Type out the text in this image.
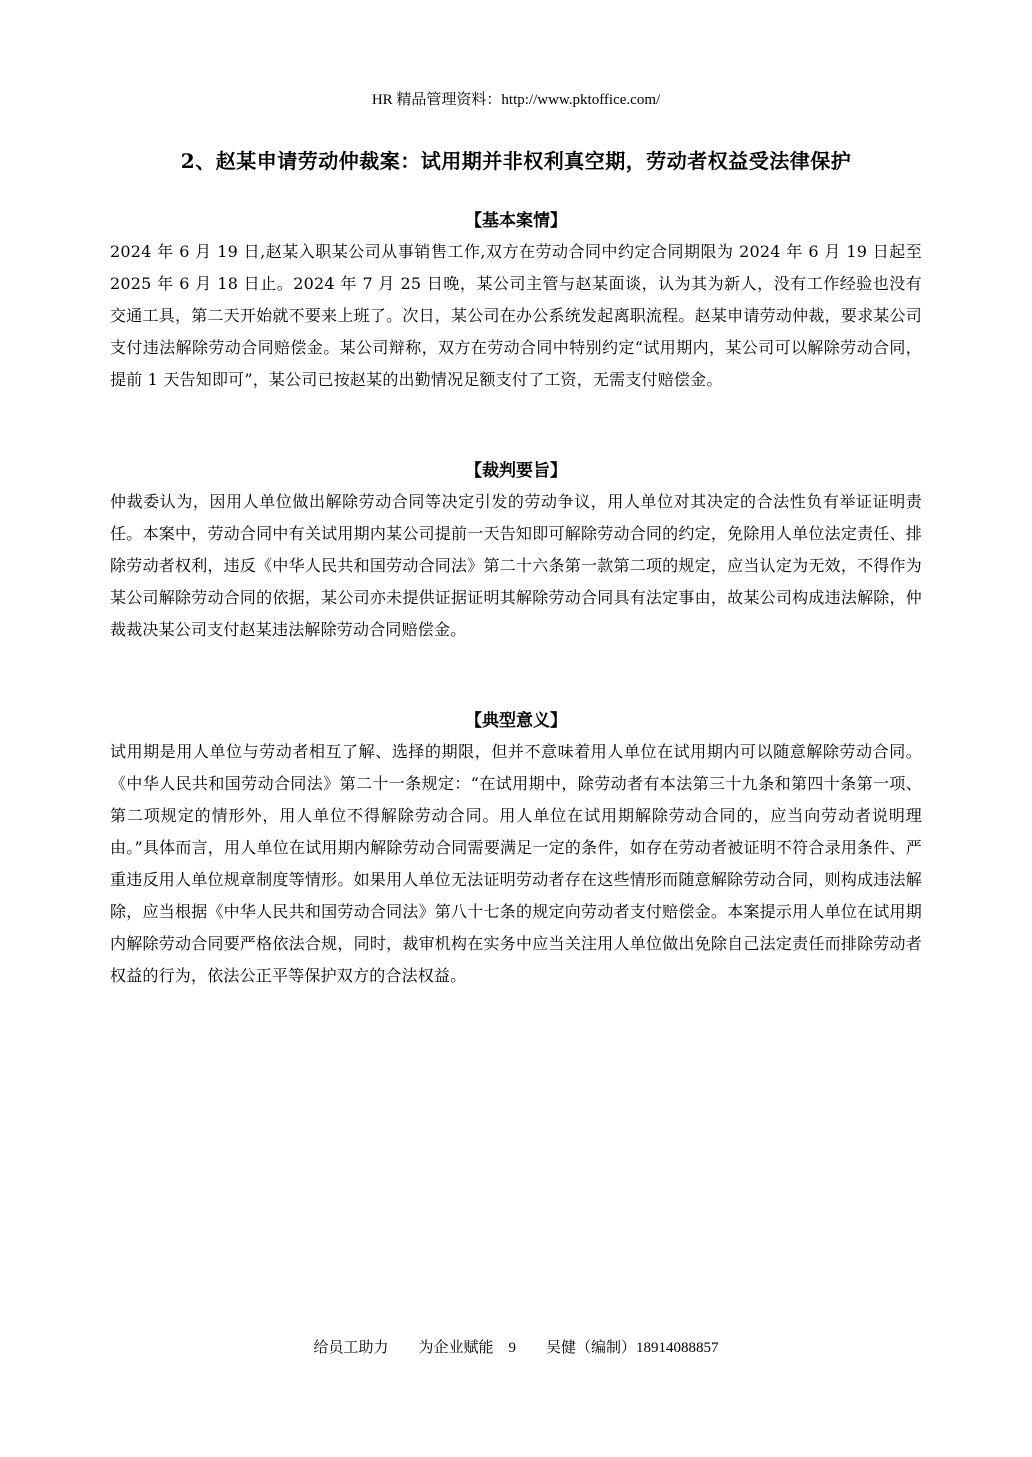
HR 精品管理资料：http://www.pktoffice.com/
2、赵某申请劳动仲裁案：试用期并非权利真空期，劳动者权益受法律保护
【基本案情】

2024 年 6 月 19 日,赵某入职某公司从事销售工作,双方在劳动合同中约定合同期限为 2024 年 6 月 19 日起至 2025 年 6 月 18 日止。2024 年 7 月 25 日晚，某公司主管与赵某面谈，认为其为新人，没有工作经验也没有交通工具，第二天开始就不要来上班了。次日，某公司在办公系统发起离职流程。赵某申请劳动仲裁，要求某公司支付违法解除劳动合同赔偿金。某公司辩称，双方在劳动合同中特别约定“试用期内，某公司可以解除劳动合同，提前 1 天告知即可”，某公司已按赵某的出勤情况足额支付了工资，无需支付赔偿金。

【裁判要旨】

仲裁委认为，因用人单位做出解除劳动合同等决定引发的劳动争议，用人单位对其决定的合法性负有举证证明责任。本案中，劳动合同中有关试用期内某公司提前一天告知即可解除劳动合同的约定，免除用人单位法定责任、排除劳动者权利，违反《中华人民共和国劳动合同法》第二十六条第一款第二项的规定，应当认定为无效，不得作为某公司解除劳动合同的依据，某公司亦未提供证据证明其解除劳动合同具有法定事由，故某公司构成违法解除，仲裁裁决某公司支付赵某违法解除劳动合同赔偿金。

【典型意义】

试用期是用人单位与劳动者相互了解、选择的期限，但并不意味着用人单位在试用期内可以随意解除劳动合同。《中华人民共和国劳动合同法》第二十一条规定：“在试用期中，除劳动者有本法第三十九条和第四十条第一项、第二项规定的情形外，用人单位不得解除劳动合同。用人单位在试用期解除劳动合同的，应当向劳动者说明理由。”具体而言，用人单位在试用期内解除劳动合同需要满足一定的条件，如存在劳动者被证明不符合录用条件、严重违反用人单位规章制度等情形。如果用人单位无法证明劳动者存在这些情形而随意解除劳动合同，则构成违法解除，应当根据《中华人民共和国劳动合同法》第八十七条的规定向劳动者支付赔偿金。本案提示用人单位在试用期内解除劳动合同要严格依法合规，同时，裁审机构在实务中应当关注用人单位做出免除自己法定责任而排除劳动者权益的行为，依法公正平等保护双方的合法权益。

给员工助力　　为企业赋能　9　　吴健（编制）18914088857
